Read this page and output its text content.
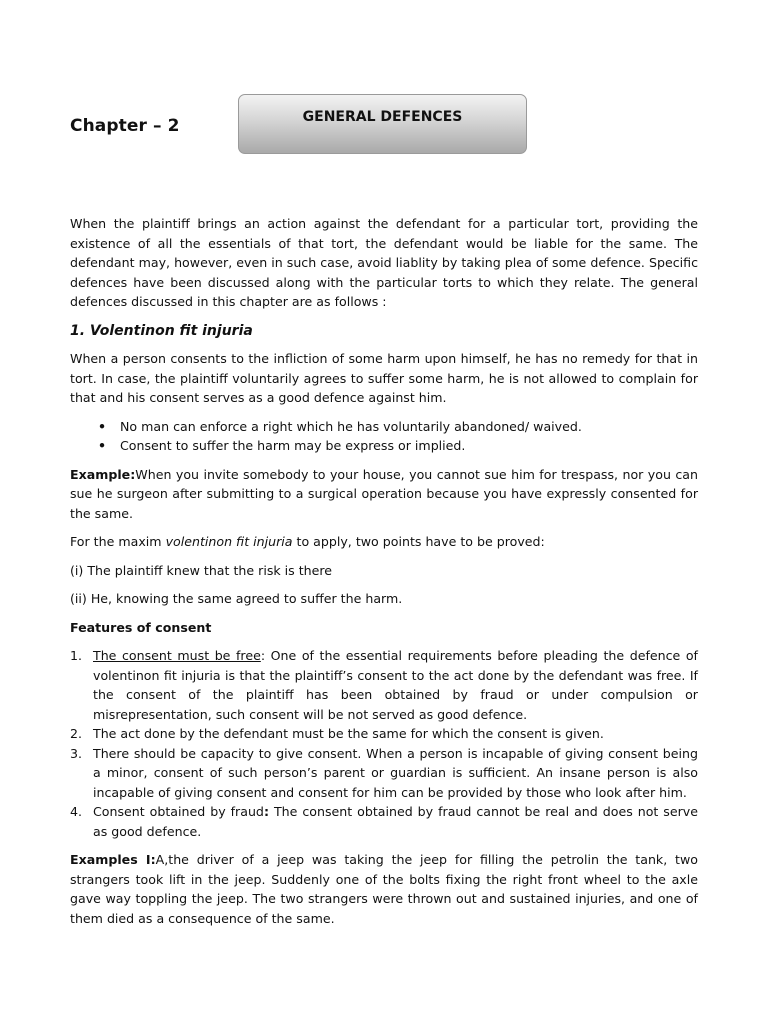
Chapter – 2	GENERAL DEFENCES

When the plaintiff brings an action against the defendant for a particular tort, providing the existence of all the essentials of that tort, the defendant would be liable for the same. The defendant may, however, even in such case, avoid liablity by taking plea of some defence. Specific defences have been discussed along with the particular torts to which they relate. The general defences discussed in this chapter are as follows :

1. Volentinon fit injuria

When a person consents to the infliction of some harm upon himself, he has no remedy for that in tort. In case, the plaintiff voluntarily agrees to suffer some harm, he is not allowed to complain for that and his consent serves as a good defence against him.

• No man can enforce a right which he has voluntarily abandoned/ waived.
• Consent to suffer the harm may be express or implied.

Example:When you invite somebody to your house, you cannot sue him for trespass, nor you can sue he surgeon after submitting to a surgical operation because you have expressly consented for the same.

For the maxim volentinon fit injuria to apply, two points have to be proved:

(i) The plaintiff knew that the risk is there

(ii) He, knowing the same agreed to suffer the harm.

Features of consent

1. The consent must be free: One of the essential requirements before pleading the defence of volentinon fit injuria is that the plaintiff’s consent to the act done by the defendant was free. If the consent of the plaintiff has been obtained by fraud or under compulsion or misrepresentation, such consent will be not served as good defence.
2. The act done by the defendant must be the same for which the consent is given.
3. There should be capacity to give consent. When a person is incapable of giving consent being a minor, consent of such person’s parent or guardian is sufficient. An insane person is also incapable of giving consent and consent for him can be provided by those who look after him.
4. Consent obtained by fraud: The consent obtained by fraud cannot be real and does not serve as good defence.

Examples I:A,the driver of a jeep was taking the jeep for filling the petrolin the tank, two strangers took lift in the jeep. Suddenly one of the bolts fixing the right front wheel to the axle gave way toppling the jeep. The two strangers were thrown out and sustained injuries, and one of them died as a consequence of the same.
